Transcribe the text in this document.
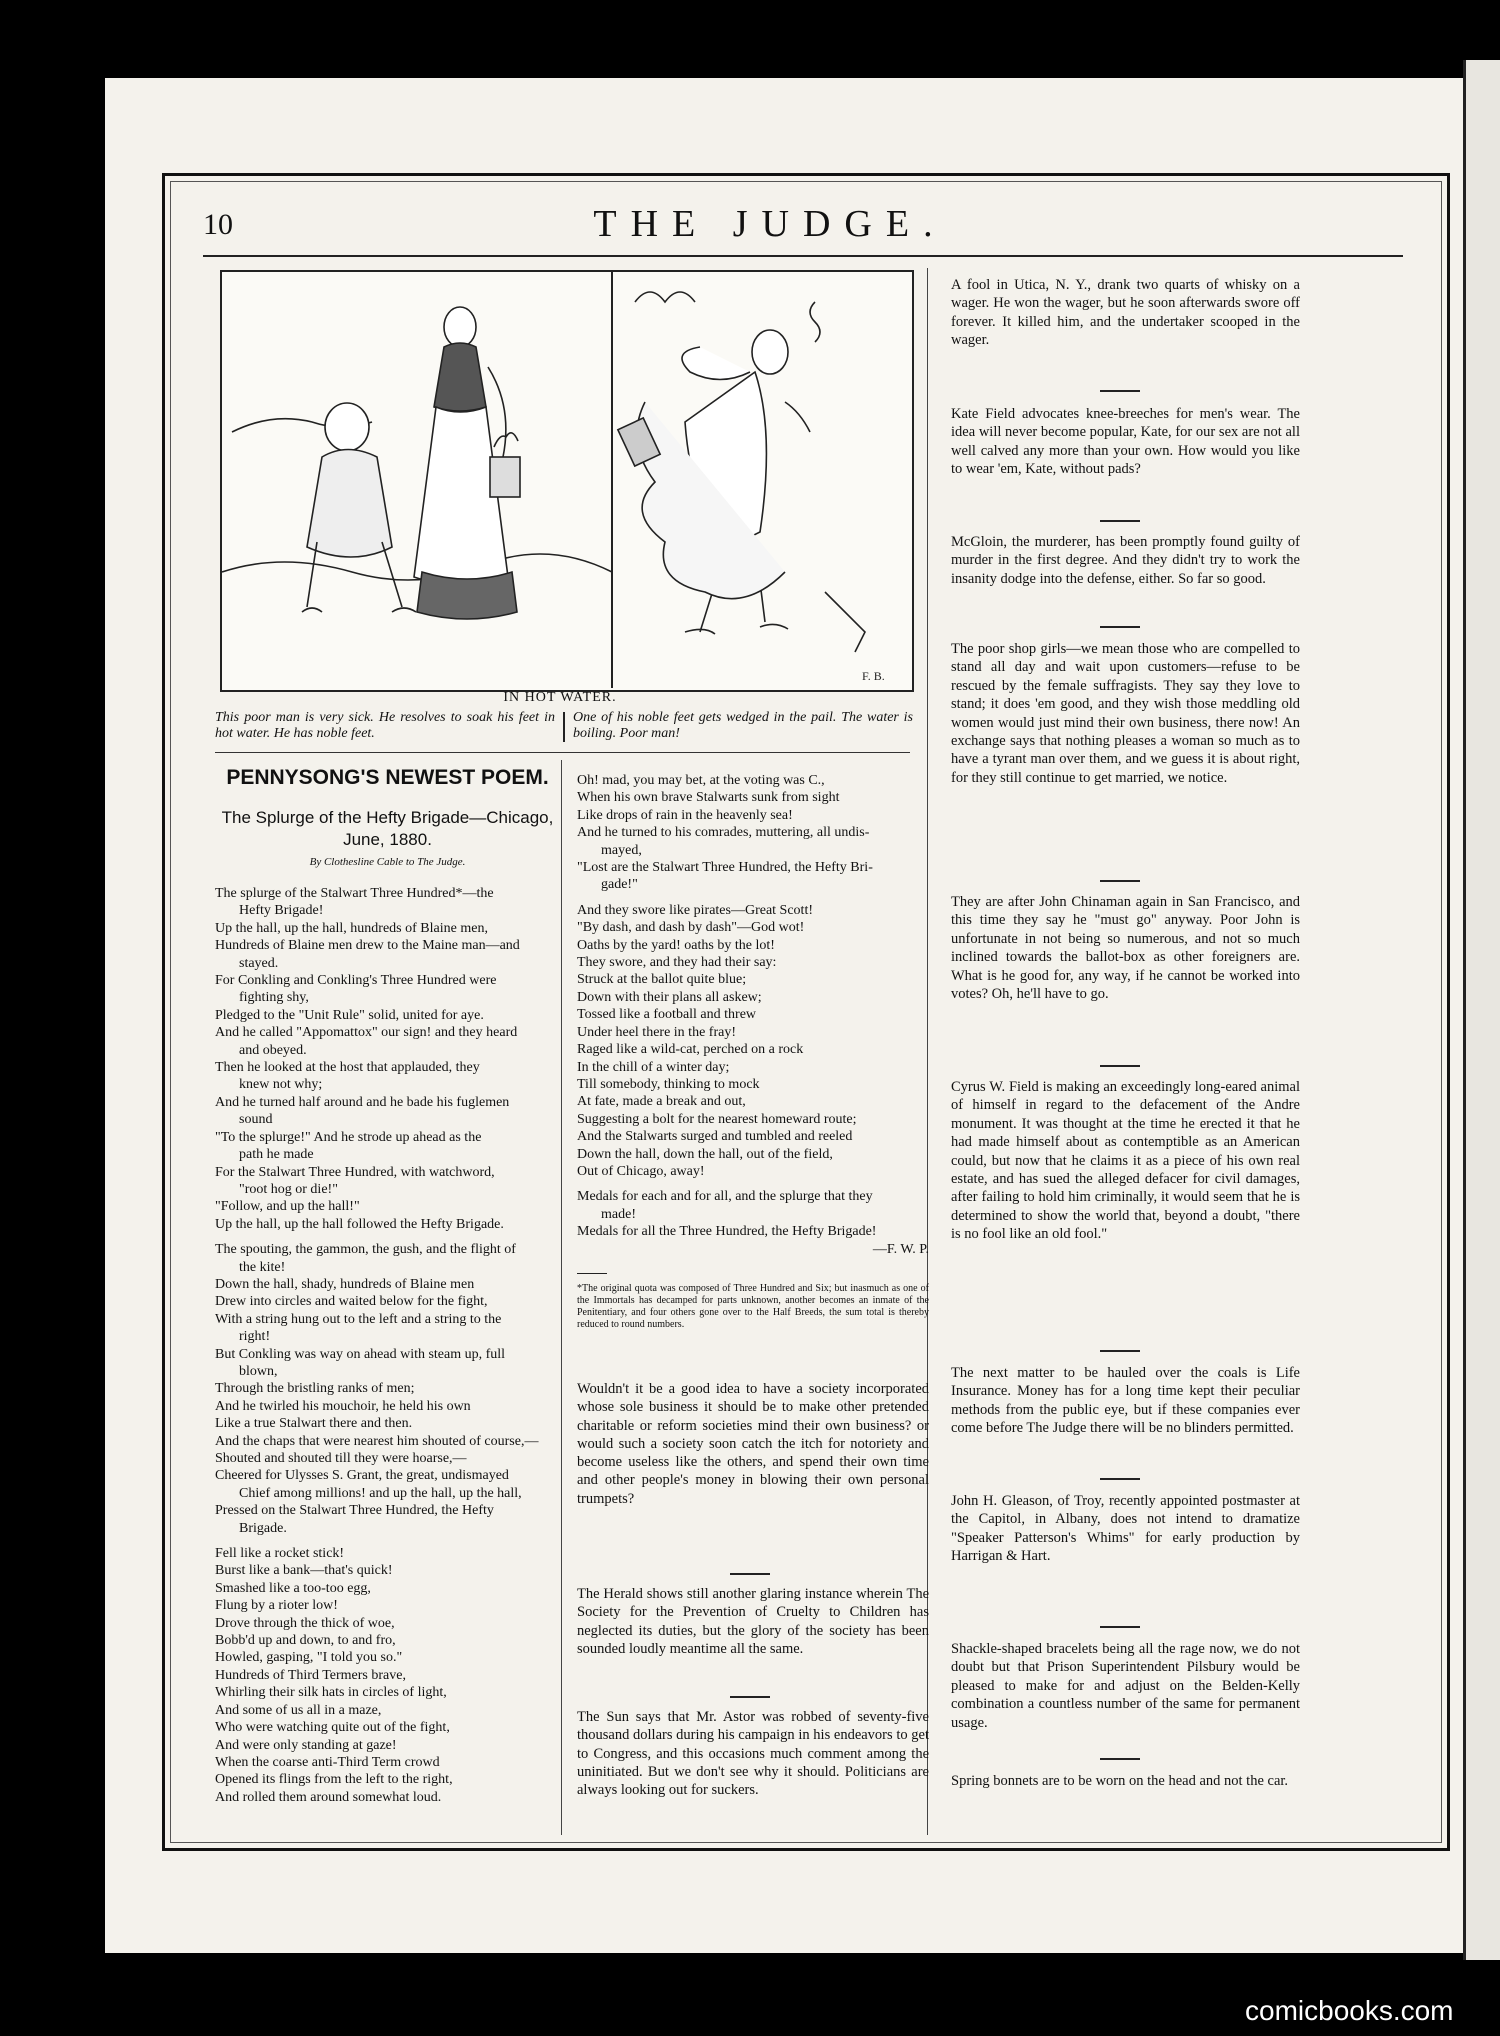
10	THE JUDGE.
F. B.
IN HOT WATER.
This poor man is very sick. He resolves to soak his feet in hot water. He has noble feet.
One of his noble feet gets wedged in the pail. The water is boiling. Poor man!
PENNYSONG'S NEWEST POEM.
The Splurge of the Hefty Brigade—Chicago, June, 1880.
By Clothesline Cable to The Judge.
The splurge of the Stalwart Three Hundred*—the
Hefty Brigade!
Up the hall, up the hall, hundreds of Blaine men,
Hundreds of Blaine men drew to the Maine man—and
stayed.
For Conkling and Conkling's Three Hundred were
fighting shy,
Pledged to the "Unit Rule" solid, united for aye.
And he called "Appomattox" our sign! and they heard
and obeyed.
Then he looked at the host that applauded, they
knew not why;
And he turned half around and he bade his fuglemen
sound
"To the splurge!" And he strode up ahead as the
path he made
For the Stalwart Three Hundred, with watchword,
"root hog or die!"
"Follow, and up the hall!"
Up the hall, up the hall followed the Hefty Brigade.
The spouting, the gammon, the gush, and the flight of
the kite!
Down the hall, shady, hundreds of Blaine men
Drew into circles and waited below for the fight,
With a string hung out to the left and a string to the
right!
But Conkling was way on ahead with steam up, full
blown,
Through the bristling ranks of men;
And he twirled his mouchoir, he held his own
Like a true Stalwart there and then.
And the chaps that were nearest him shouted of course,—
Shouted and shouted till they were hoarse,—
Cheered for Ulysses S. Grant, the great, undismayed
Chief among millions! and up the hall, up the hall,
Pressed on the Stalwart Three Hundred, the Hefty
Brigade.
Fell like a rocket stick!
Burst like a bank—that's quick!
Smashed like a too-too egg,
Flung by a rioter low!
Drove through the thick of woe,
Bobb'd up and down, to and fro,
Howled, gasping, "I told you so."
Hundreds of Third Termers brave,
Whirling their silk hats in circles of light,
And some of us all in a maze,
Who were watching quite out of the fight,
And were only standing at gaze!
When the coarse anti-Third Term crowd
Opened its flings from the left to the right,
And rolled them around somewhat loud.
Oh! mad, you may bet, at the voting was C.,
When his own brave Stalwarts sunk from sight
Like drops of rain in the heavenly sea!
And he turned to his comrades, muttering, all undis-
mayed,
"Lost are the Stalwart Three Hundred, the Hefty Bri-
gade!"
And they swore like pirates—Great Scott!
"By dash, and dash by dash"—God wot!
Oaths by the yard! oaths by the lot!
They swore, and they had their say:
Struck at the ballot quite blue;
Down with their plans all askew;
Tossed like a football and threw
Under heel there in the fray!
Raged like a wild-cat, perched on a rock
In the chill of a winter day;
Till somebody, thinking to mock
At fate, made a break and out,
Suggesting a bolt for the nearest homeward route;
And the Stalwarts surged and tumbled and reeled
Down the hall, down the hall, out of the field,
Out of Chicago, away!
Medals for each and for all, and the splurge that they
made!
Medals for all the Three Hundred, the Hefty Brigade!
—F. W. P.
*The original quota was composed of Three Hundred and Six; but inasmuch as one of the Immortals has decamped for parts unknown, another becomes an inmate of the Penitentiary, and four others gone over to the Half Breeds, the sum total is thereby reduced to round numbers.
Wouldn't it be a good idea to have a society incorporated whose sole business it should be to make other pretended charitable or reform societies mind their own business? or would such a society soon catch the itch for notoriety and become useless like the others, and spend their own time and other people's money in blowing their own personal trumpets?
The Herald shows still another glaring instance wherein The Society for the Prevention of Cruelty to Children has neglected its duties, but the glory of the society has been sounded loudly meantime all the same.
The Sun says that Mr. Astor was robbed of seventy-five thousand dollars during his campaign in his endeavors to get to Congress, and this occasions much comment among the uninitiated. But we don't see why it should. Politicians are always looking out for suckers.
A fool in Utica, N. Y., drank two quarts of whisky on a wager. He won the wager, but he soon afterwards swore off forever. It killed him, and the undertaker scooped in the wager.
Kate Field advocates knee-breeches for men's wear. The idea will never become popular, Kate, for our sex are not all well calved any more than your own. How would you like to wear 'em, Kate, without pads?
McGloin, the murderer, has been promptly found guilty of murder in the first degree. And they didn't try to work the insanity dodge into the defense, either. So far so good.
The poor shop girls—we mean those who are compelled to stand all day and wait upon customers—refuse to be rescued by the female suffragists. They say they love to stand; it does 'em good, and they wish those meddling old women would just mind their own business, there now! An exchange says that nothing pleases a woman so much as to have a tyrant man over them, and we guess it is about right, for they still continue to get married, we notice.
They are after John Chinaman again in San Francisco, and this time they say he "must go" anyway. Poor John is unfortunate in not being so numerous, and not so much inclined towards the ballot-box as other foreigners are. What is he good for, any way, if he cannot be worked into votes? Oh, he'll have to go.
Cyrus W. Field is making an exceedingly long-eared animal of himself in regard to the defacement of the Andre monument. It was thought at the time he erected it that he had made himself about as contemptible as an American could, but now that he claims it as a piece of his own real estate, and has sued the alleged defacer for civil damages, after failing to hold him criminally, it would seem that he is determined to show the world that, beyond a doubt, "there is no fool like an old fool."
The next matter to be hauled over the coals is Life Insurance. Money has for a long time kept their peculiar methods from the public eye, but if these companies ever come before The Judge there will be no blinders permitted.
John H. Gleason, of Troy, recently appointed postmaster at the Capitol, in Albany, does not intend to dramatize "Speaker Patterson's Whims" for early production by Harrigan & Hart.
Shackle-shaped bracelets being all the rage now, we do not doubt but that Prison Superintendent Pilsbury would be pleased to make for and adjust on the Belden-Kelly combination a countless number of the same for permanent usage.
Spring bonnets are to be worn on the head and not the car.
comicbooks.com
